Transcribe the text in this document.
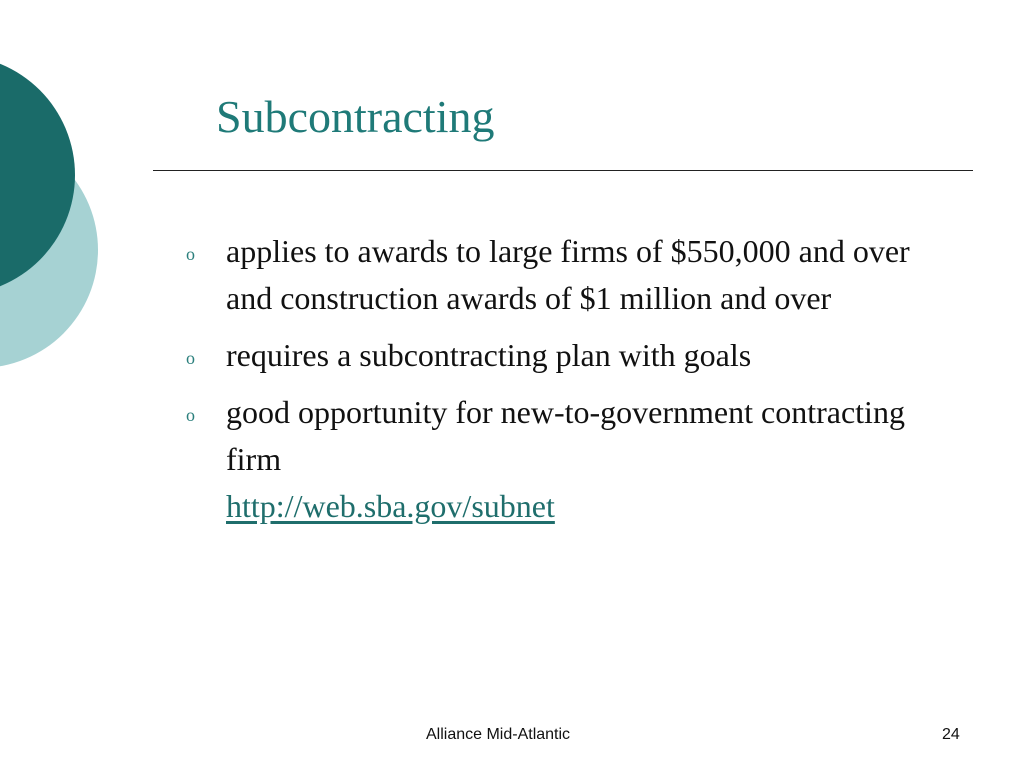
Subcontracting
o applies to awards to large firms of $550,000 and over and construction awards of $1 million and over
o requires a subcontracting plan with goals
o good opportunity for new-to-government contracting firm
http://web.sba.gov/subnet
Alliance Mid-Atlantic	24
